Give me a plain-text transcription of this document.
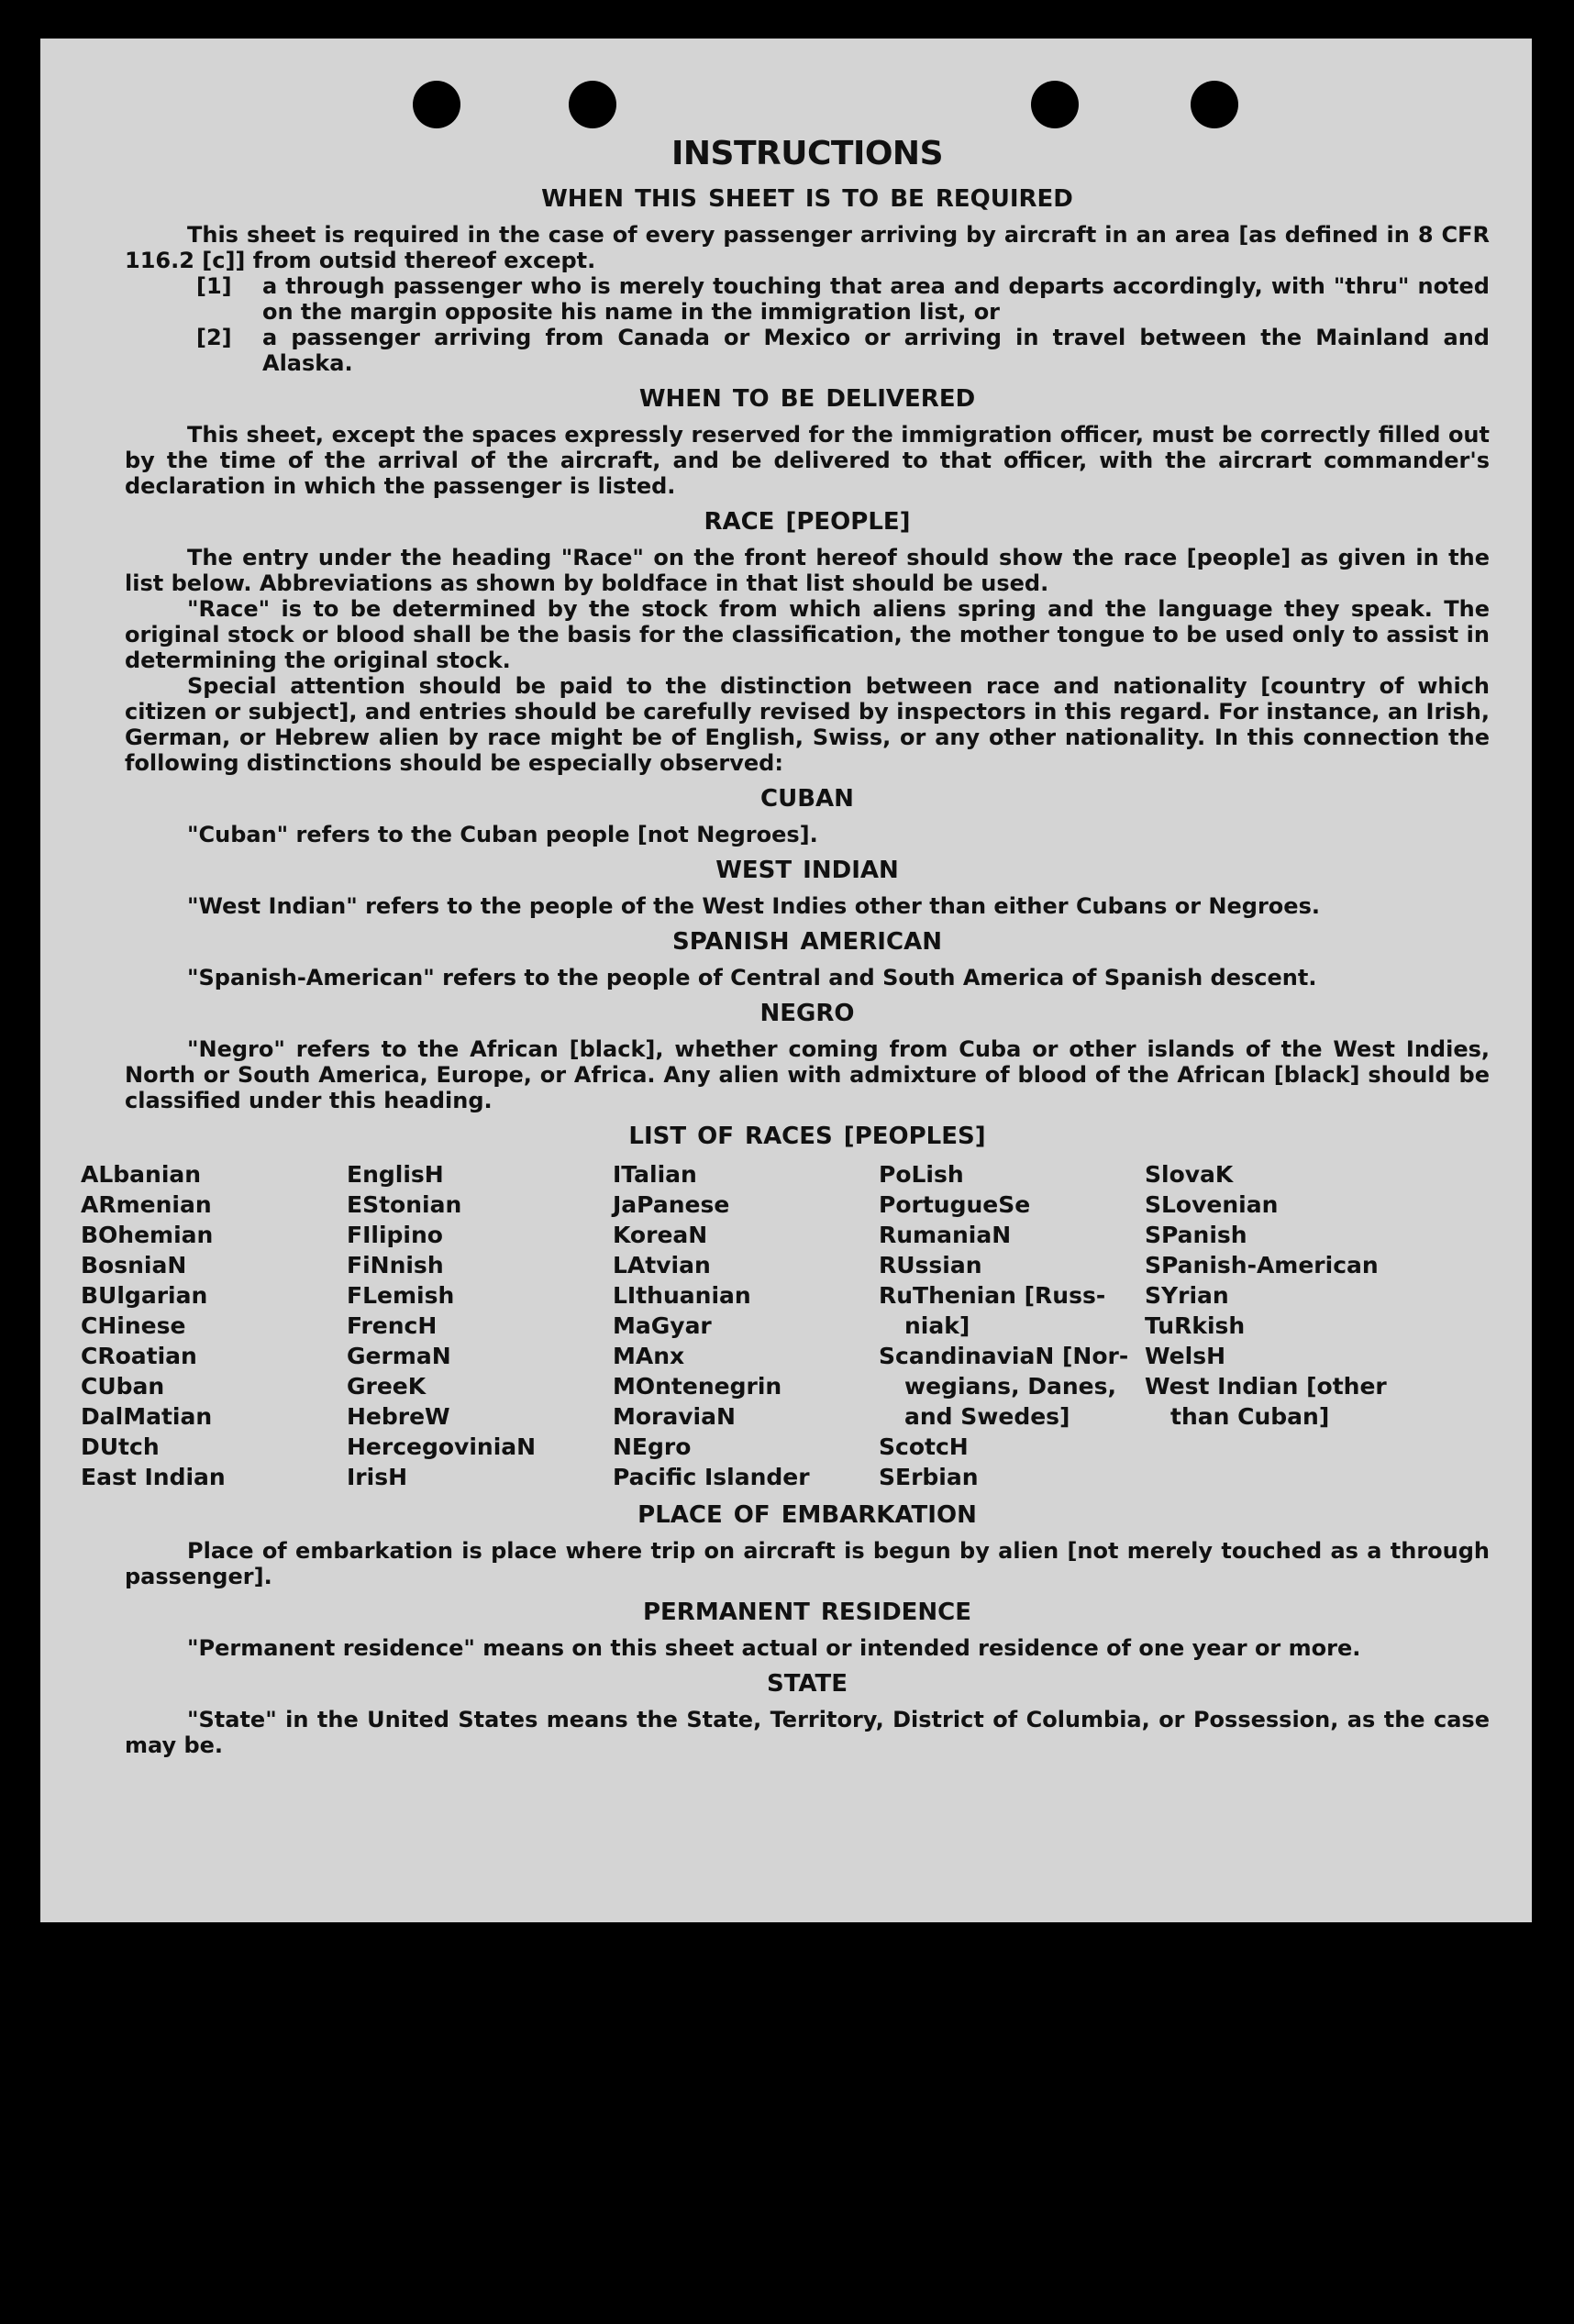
INSTRUCTIONS
WHEN THIS SHEET IS TO BE REQUIRED

This sheet is required in the case of every passenger arriving by aircraft in an area [as defined in 8 CFR 116.2 [c]] from outsid thereof except.

[1] a through passenger who is merely touching that area and departs accordingly, with "thru" noted on the margin opposite his name in the immigration list, or

[2] a passenger arriving from Canada or Mexico or arriving in travel between the Mainland and Alaska.

WHEN TO BE DELIVERED

This sheet, except the spaces expressly reserved for the immigration officer, must be correctly filled out by the time of the arrival of the aircraft, and be delivered to that officer, with the aircrart commander's declaration in which the passenger is listed.

RACE [PEOPLE]

The entry under the heading "Race" on the front hereof should show the race [people] as given in the list below. Abbreviations as shown by boldface in that list should be used.

"Race" is to be determined by the stock from which aliens spring and the language they speak. The original stock or blood shall be the basis for the classification, the mother tongue to be used only to assist in determining the original stock.

Special attention should be paid to the distinction between race and nationality [country of which citizen or subject], and entries should be carefully revised by inspectors in this regard. For instance, an Irish, German, or Hebrew alien by race might be of English, Swiss, or any other nationality. In this connection the following distinctions should be especially observed:

CUBAN

"Cuban" refers to the Cuban people [not Negroes].

WEST INDIAN

"West Indian" refers to the people of the West Indies other than either Cubans or Negroes.

SPANISH AMERICAN

"Spanish-American" refers to the people of Central and South America of Spanish descent.

NEGRO

"Negro" refers to the African [black], whether coming from Cuba or other islands of the West Indies, North or South America, Europe, or Africa. Any alien with admixture of blood of the African [black] should be classified under this heading.

LIST OF RACES [PEOPLES]
ALbanian
ARmenian
BOhemian
BosniaN
BUlgarian
CHinese
CRoatian
CUban
DalMatian
DUtch
East Indian
EnglisH
EStonian
FIlipino
FiNnish
FLemish
FrencH
GermaN
GreeK
HebreW
HercegoviniaN
IrisH
ITalian
JaPanese
KoreaN
LAtvian
LIthuanian
MaGyar
MAnx
MOntenegrin
MoraviaN
NEgro
Pacific Islander
PoLish
PortugueSe
RumaniaN
RUssian
RuThenian [Russ-
niak]
ScandinaviaN [Nor-
wegians, Danes,
and Swedes]
ScotcH
SErbian
SlovaK
SLovenian
SPanish
SPanish-American
SYrian
TuRkish
WelsH
West Indian [other
than Cuban]
PLACE OF EMBARKATION

Place of embarkation is place where trip on aircraft is begun by alien [not merely touched as a through passenger].

PERMANENT RESIDENCE

"Permanent residence" means on this sheet actual or intended residence of one year or more.

STATE

"State" in the United States means the State, Territory, District of Columbia, or Possession, as the case may be.
